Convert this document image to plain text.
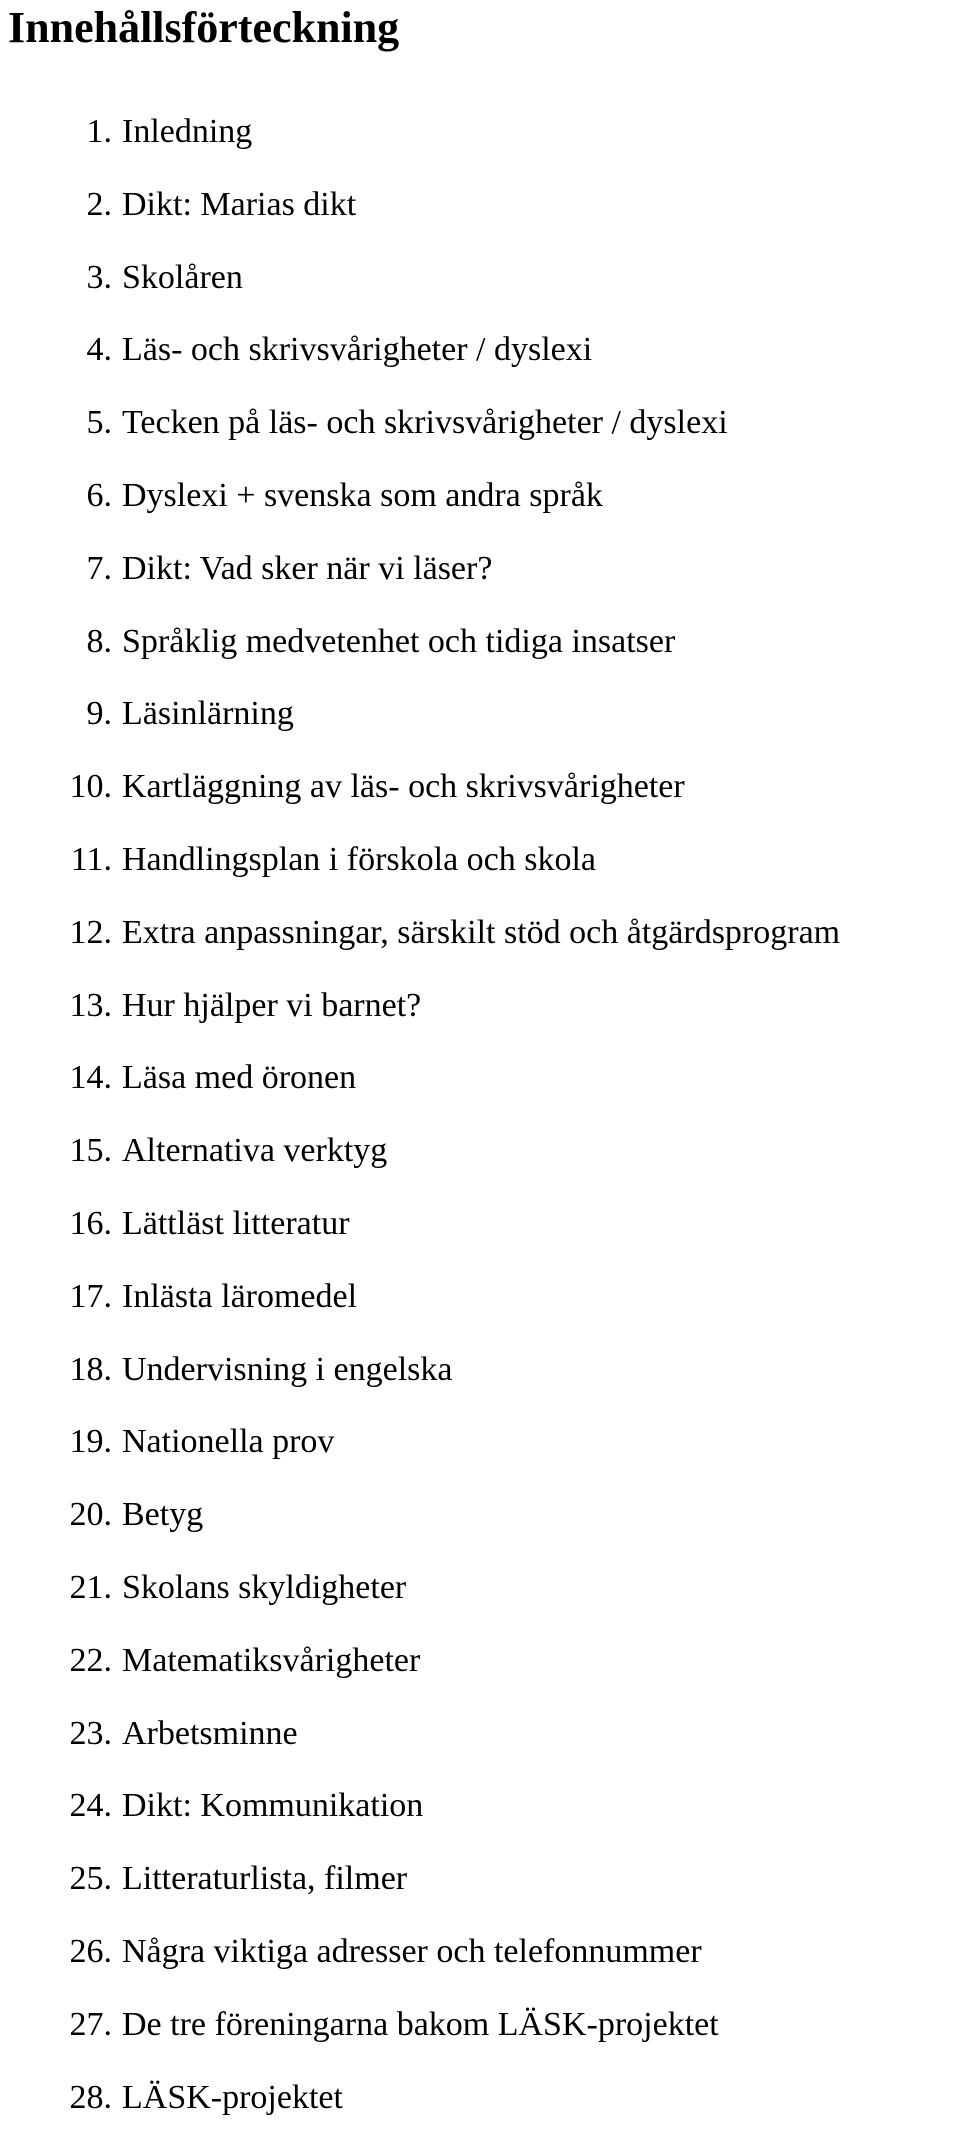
Innehållsförteckning
1. Inledning
2. Dikt: Marias dikt
3. Skolåren
4. Läs- och skrivsvårigheter / dyslexi
5. Tecken på läs- och skrivsvårigheter / dyslexi
6. Dyslexi + svenska som andra språk
7. Dikt: Vad sker när vi läser?
8. Språklig medvetenhet och tidiga insatser
9. Läsinlärning
10. Kartläggning av läs- och skrivsvårigheter
11. Handlingsplan i förskola och skola
12. Extra anpassningar, särskilt stöd och åtgärdsprogram
13. Hur hjälper vi barnet?
14. Läsa med öronen
15. Alternativa verktyg
16. Lättläst litteratur
17. Inlästa läromedel
18. Undervisning i engelska
19. Nationella prov
20. Betyg
21. Skolans skyldigheter
22. Matematiksvårigheter
23. Arbetsminne
24. Dikt: Kommunikation
25. Litteraturlista, filmer
26. Några viktiga adresser och telefonnummer
27. De tre föreningarna bakom LÄSK-projektet
28. LÄSK-projektet
